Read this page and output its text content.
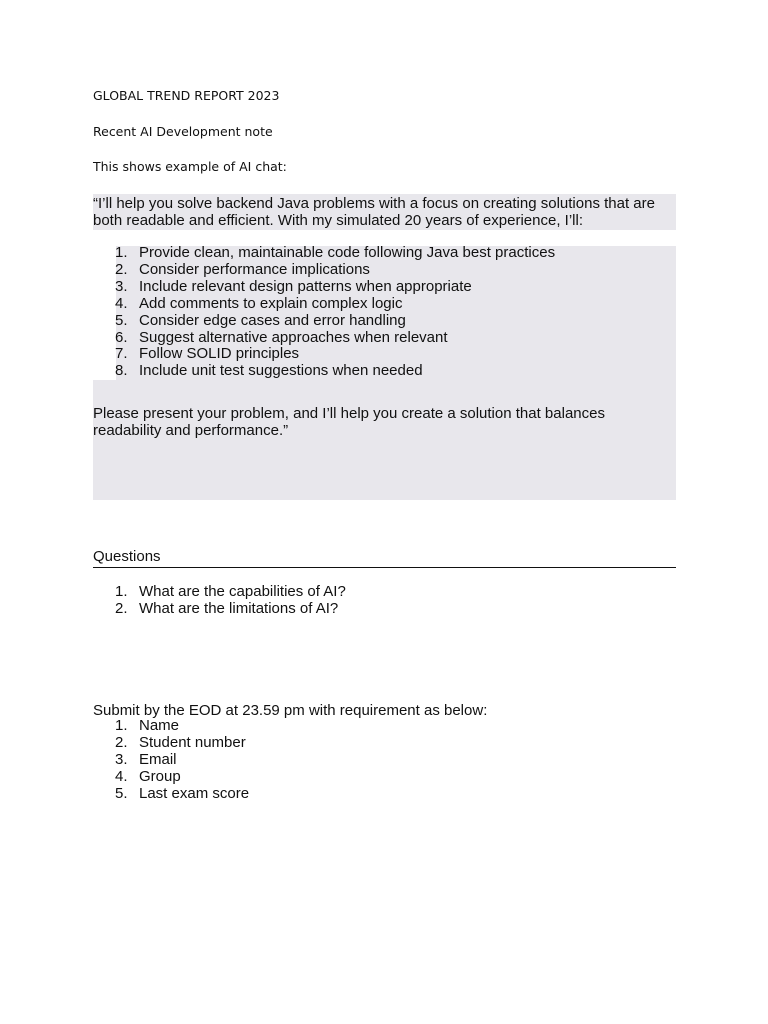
GLOBAL TREND REPORT 2023
Recent AI Development note
This shows example of AI chat:
“I’ll help you solve backend Java problems with a focus on creating solutions that are both readable and efficient. With my simulated 20 years of experience, I’ll:
1. Provide clean, maintainable code following Java best practices
2. Consider performance implications
3. Include relevant design patterns when appropriate
4. Add comments to explain complex logic
5. Consider edge cases and error handling
6. Suggest alternative approaches when relevant
7. Follow SOLID principles
8. Include unit test suggestions when needed
Please present your problem, and I’ll help you create a solution that balances readability and performance.”
Questions
1. What are the capabilities of AI?
2. What are the limitations of AI?
Submit by the EOD at 23.59 pm with requirement as below:
1. Name
2. Student number
3. Email
4. Group
5. Last exam score
